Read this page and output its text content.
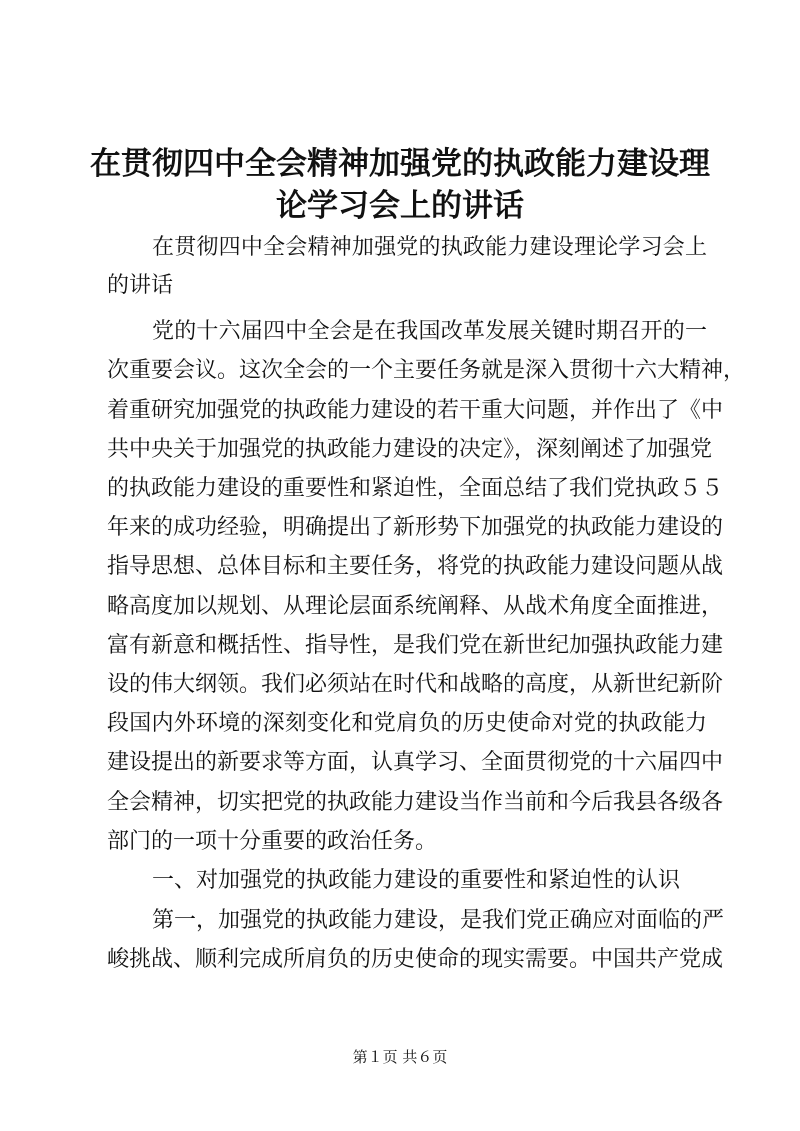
在贯彻四中全会精神加强党的执政能力建设理
论学习会上的讲话

在贯彻四中全会精神加强党的执政能力建设理论学习会上

的讲话

党的十六届四中全会是在我国改革发展关键时期召开的一

次重要会议。这次全会的一个主要任务就是深入贯彻十六大精神，

着重研究加强党的执政能力建设的若干重大问题，并作出了《中

共中央关于加强党的执政能力建设的决定》，深刻阐述了加强党

的执政能力建设的重要性和紧迫性，全面总结了我们党执政５５

年来的成功经验，明确提出了新形势下加强党的执政能力建设的

指导思想、总体目标和主要任务，将党的执政能力建设问题从战

略高度加以规划、从理论层面系统阐释、从战术角度全面推进，

富有新意和概括性、指导性，是我们党在新世纪加强执政能力建

设的伟大纲领。我们必须站在时代和战略的高度，从新世纪新阶

段国内外环境的深刻变化和党肩负的历史使命对党的执政能力

建设提出的新要求等方面，认真学习、全面贯彻党的十六届四中

全会精神，切实把党的执政能力建设当作当前和今后我县各级各

部门的一项十分重要的政治任务。

一、对加强党的执政能力建设的重要性和紧迫性的认识

第一，加强党的执政能力建设，是我们党正确应对面临的严

峻挑战、顺利完成所肩负的历史使命的现实需要。中国共产党成

第１页 共６页
